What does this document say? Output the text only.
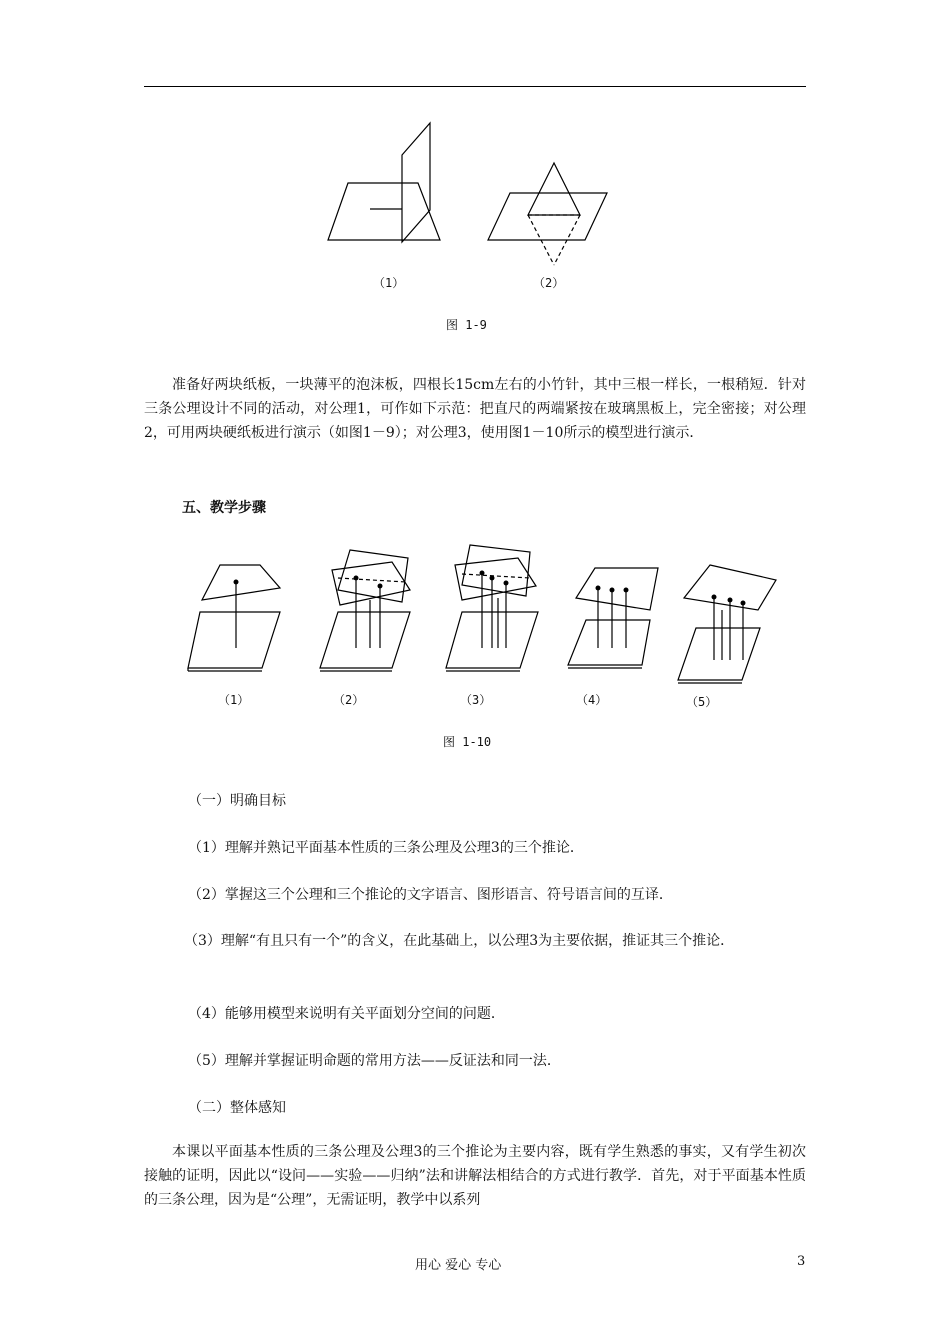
（1）	（2）
图 1-9

准备好两块纸板，一块薄平的泡沫板，四根长15cm左右的小竹针，其中三根一样长，一根稍短．针对三条公理设计不同的活动，对公理1，可作如下示范：把直尺的两端紧按在玻璃黑板上，完全密接；对公理2，可用两块硬纸板进行演示（如图1－9）；对公理3，使用图1－10所示的模型进行演示．

五、教学步骤
（1）	（2）	（3）	（4）	（5）
图 1-10
（一）明确目标
（1）理解并熟记平面基本性质的三条公理及公理3的三个推论．
（2）掌握这三个公理和三个推论的文字语言、图形语言、符号语言间的互译．

（3）理解“有且只有一个”的含义，在此基础上，以公理3为主要依据，推证其三个推论．

（4）能够用模型来说明有关平面划分空间的问题．
（5）理解并掌握证明命题的常用方法——反证法和同一法．
（二）整体感知

本课以平面基本性质的三条公理及公理3的三个推论为主要内容，既有学生熟悉的事实，又有学生初次接触的证明，因此以“设问——实验——归纳”法和讲解法相结合的方式进行教学．首先，对于平面基本性质的三条公理，因为是“公理”，无需证明，教学中以系列

用心 爱心 专心	3
